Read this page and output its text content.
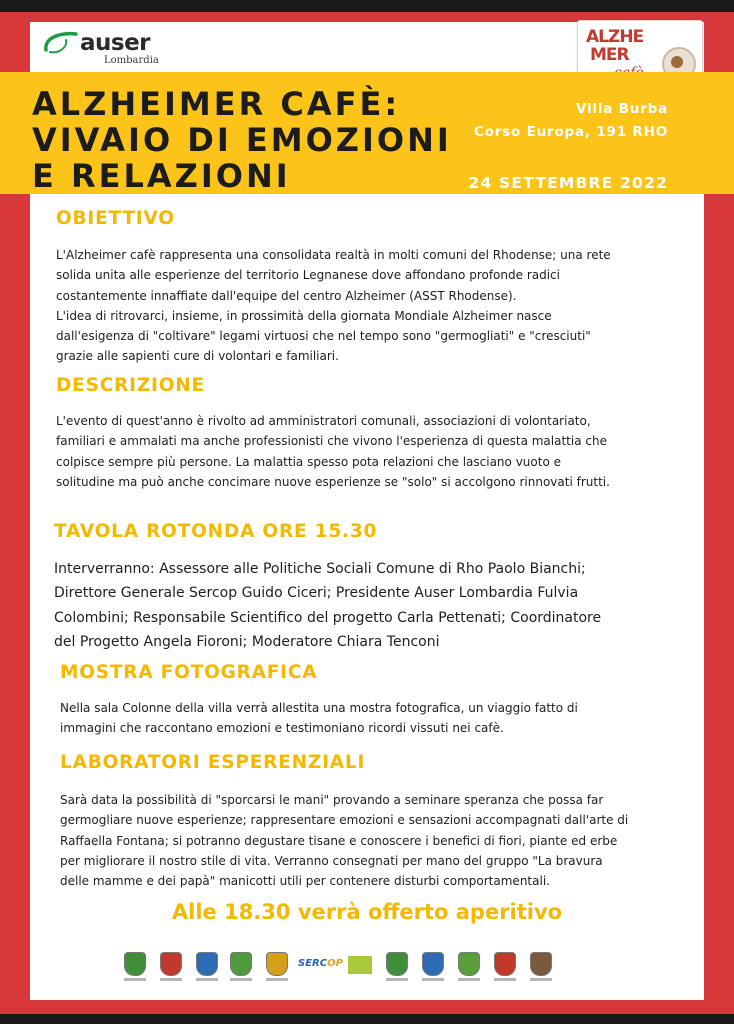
auser
Lombardia
ALZHE
MER
ALZHEIMER CAFÈ:
VIVAIO DI EMOZIONI
E RELAZIONI
Villa Burba
Corso Europa, 191 RHO
24 SETTEMBRE 2022
OBIETTIVO
L'Alzheimer cafè rappresenta una consolidata realtà in molti comuni del Rhodense; una rete
solida unita alle esperienze del territorio Legnanese dove affondano profonde radici
costantemente innaffiate dall'equipe del centro Alzheimer (ASST Rhodense).
L'idea di ritrovarci, insieme, in prossimità della giornata Mondiale Alzheimer nasce
dall'esigenza di "coltivare" legami virtuosi che nel tempo sono "germogliati" e "cresciuti"
grazie alle sapienti cure di volontari e familiari.
DESCRIZIONE
L'evento di quest'anno è rivolto ad amministratori comunali, associazioni di volontariato,
familiari e ammalati ma anche professionisti che vivono l'esperienza di questa malattia che
colpisce sempre più persone. La malattia spesso pota relazioni che lasciano vuoto e
solitudine ma può anche concimare nuove esperienze se "solo" si accolgono rinnovati frutti.
TAVOLA ROTONDA ORE 15.30
Interverranno: Assessore alle Politiche Sociali Comune di Rho Paolo Bianchi;
Direttore Generale Sercop Guido Ciceri; Presidente Auser Lombardia Fulvia
Colombini; Responsabile Scientifico del progetto Carla Pettenati; Coordinatore
del Progetto Angela Fioroni; Moderatore Chiara Tenconi
MOSTRA FOTOGRAFICA
Nella sala Colonne della villa verrà allestita una mostra fotografica, un viaggio fatto di
immagini che raccontano emozioni e testimoniano ricordi vissuti nei cafè.
LABORATORI ESPERENZIALI
Sarà data la possibilità di "sporcarsi le mani" provando a seminare speranza che possa far
germogliare nuove esperienze; rappresentare emozioni e sensazioni accompagnati dall'arte di
Raffaella Fontana; si potranno degustare tisane e conoscere i benefici di fiori, piante ed erbe
per migliorare il nostro stile di vita. Verranno consegnati per mano del gruppo "La bravura
delle mamme e dei papà" manicotti utili per contenere disturbi comportamentali.
Alle 18.30 verrà offerto aperitivo
SERCOP
